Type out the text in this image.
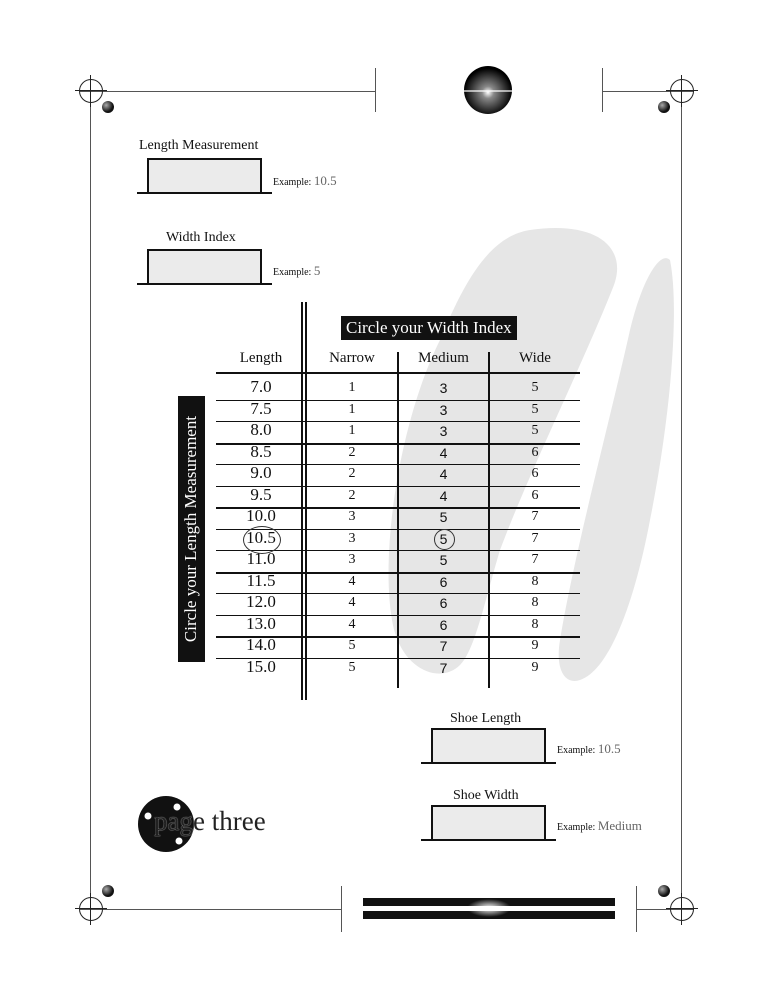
Length Measurement
Example: 10.5
Width Index
Example: 5
Circle your Width Index
Circle your Length Measurement
Length	Narrow	Medium	Wide
7.0	1	3	5
7.5	1	3	5
8.0	1	3	5
8.5	2	4	6
9.0	2	4	6
9.5	2	4	6
10.0	3	5	7
10.5	3	5	7
11.0	3	5	7
11.5	4	6	8
12.0	4	6	8
13.0	4	6	8
14.0	5	7	9
15.0	5	7	9
Shoe Length
Example: 10.5
Shoe Width
Example: Medium
page three
